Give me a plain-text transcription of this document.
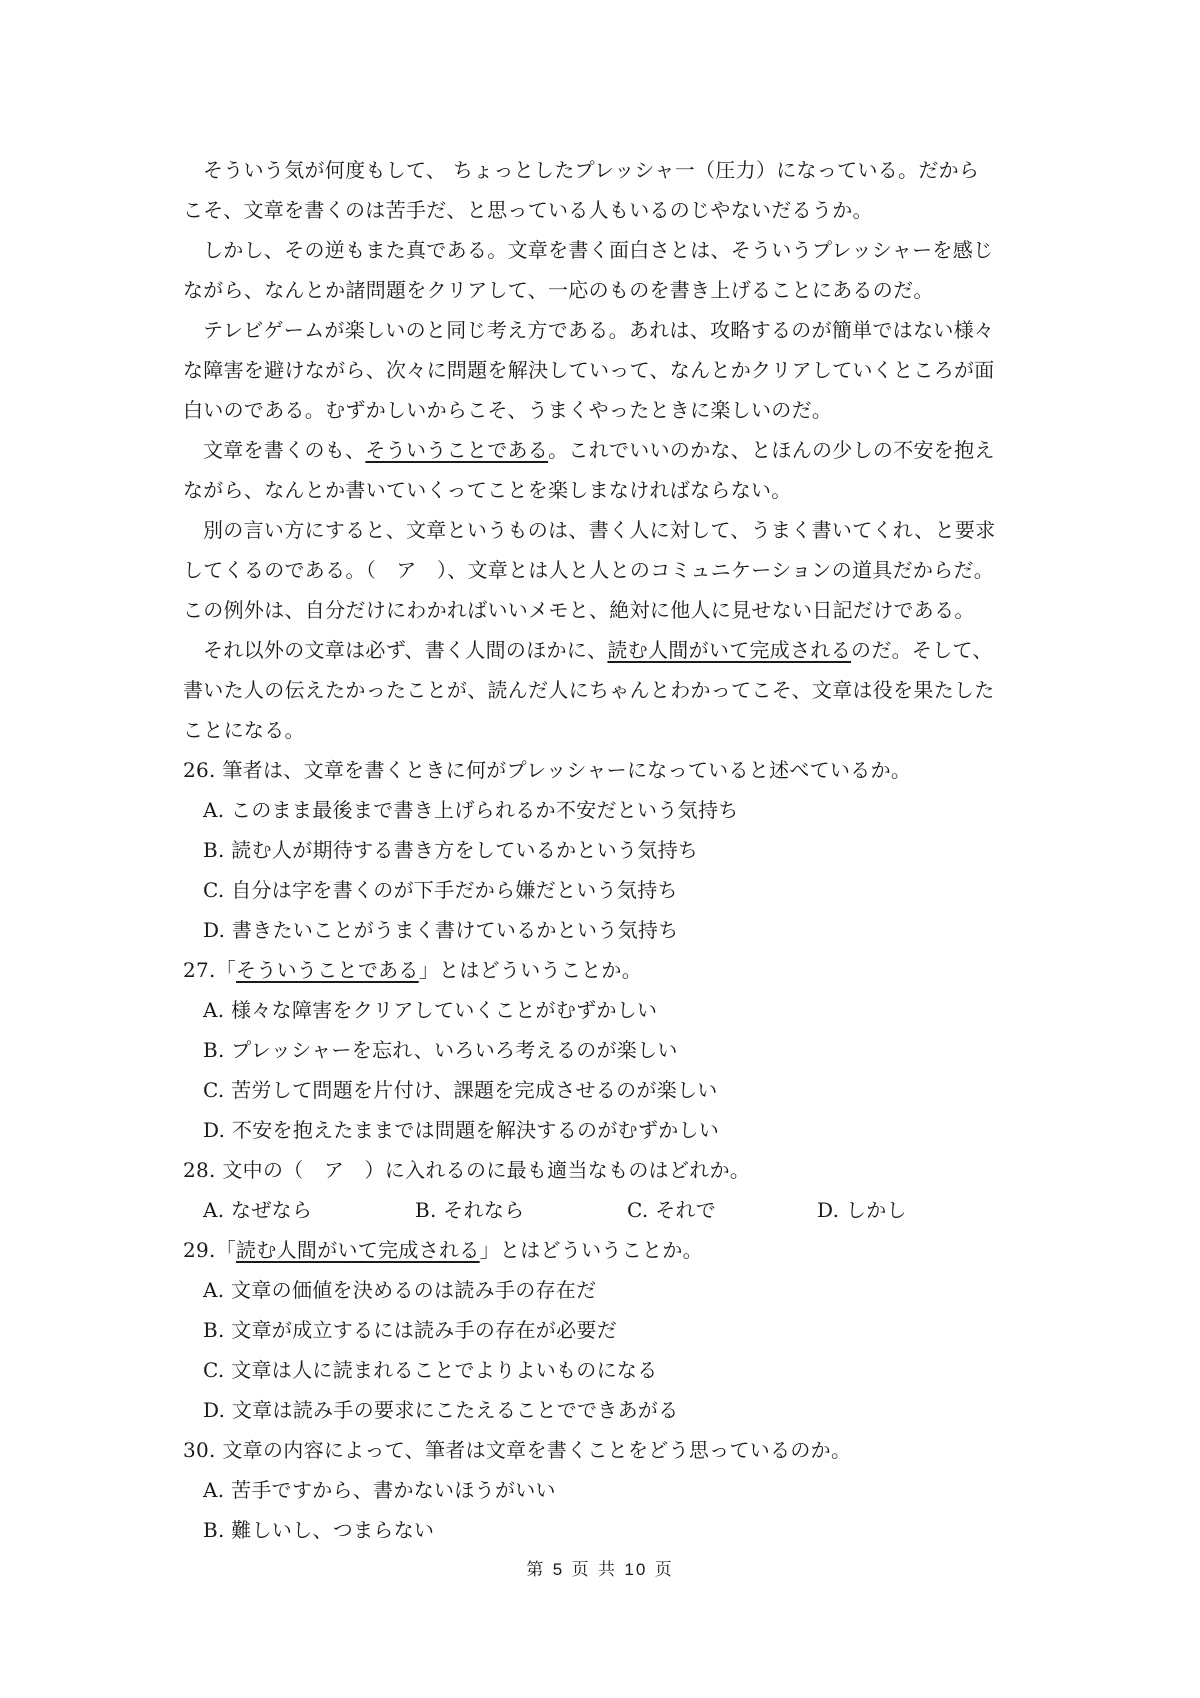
そういう気が何度もして、 ちょっとしたプレッシャ一（圧力）になっている。だから
こそ、文章を書くのは苦手だ、と思っている人もいるのじやないだるうか。
しかし、その逆もまた真である。文章を書く面白さとは、そういうプレッシャーを感じ
ながら、なんとか諸問題をクリアして、一応のものを書き上げることにあるのだ。
テレビゲームが楽しいのと同じ考え方である。あれは、攻略するのが簡単ではない様々
な障害を避けながら、次々に問題を解決していって、なんとかクリアしていくところが面
白いのである。むずかしいからこそ、うまくやったときに楽しいのだ。
文章を書くのも、そういうことである。これでいいのかな、とほんの少しの不安を抱え
ながら、なんとか書いていくってことを楽しまなければならない。
別の言い方にすると、文章というものは、書く人に対して、うまく書いてくれ、と要求
してくるのである。（　ア　）、文章とは人と人とのコミュニケーションの道具だからだ。
この例外は、自分だけにわかればいいメモと、絶対に他人に見せない日記だけである。
それ以外の文章は必ず、書く人間のほかに、読む人間がいて完成されるのだ。そして、
書いた人の伝えたかったことが、読んだ人にちゃんとわかってこそ、文章は役を果たした
ことになる。
26. 筆者は、文章を書くときに何がプレッシャーになっていると述べているか。
A. このまま最後まで書き上げられるか不安だという気持ち
B. 読む人が期待する書き方をしているかという気持ち
C. 自分は字を書くのが下手だから嫌だという気持ち
D. 書きたいことがうまく書けているかという気持ち
27.「そういうことである」とはどういうことか。
A. 様々な障害をクリアしていくことがむずかしい
B. プレッシャーを忘れ、いろいろ考えるのが楽しい
C. 苦労して問題を片付け、課題を完成させるのが楽しい
D. 不安を抱えたままでは問題を解決するのがむずかしい
28. 文中の（　ア　）に入れるのに最も適当なものはどれか。
A. なぜなら	B. それなら	C. それで	D. しかし
29.「読む人間がいて完成される」とはどういうことか。
A. 文章の価値を決めるのは読み手の存在だ
B. 文章が成立するには読み手の存在が必要だ
C. 文章は人に読まれることでよりよいものになる
D. 文章は読み手の要求にこたえることでできあがる
30. 文章の内容によって、筆者は文章を書くことをどう思っているのか。
A. 苦手ですから、書かないほうがいい
B. 難しいし、つまらない
第 5 页 共 10 页
